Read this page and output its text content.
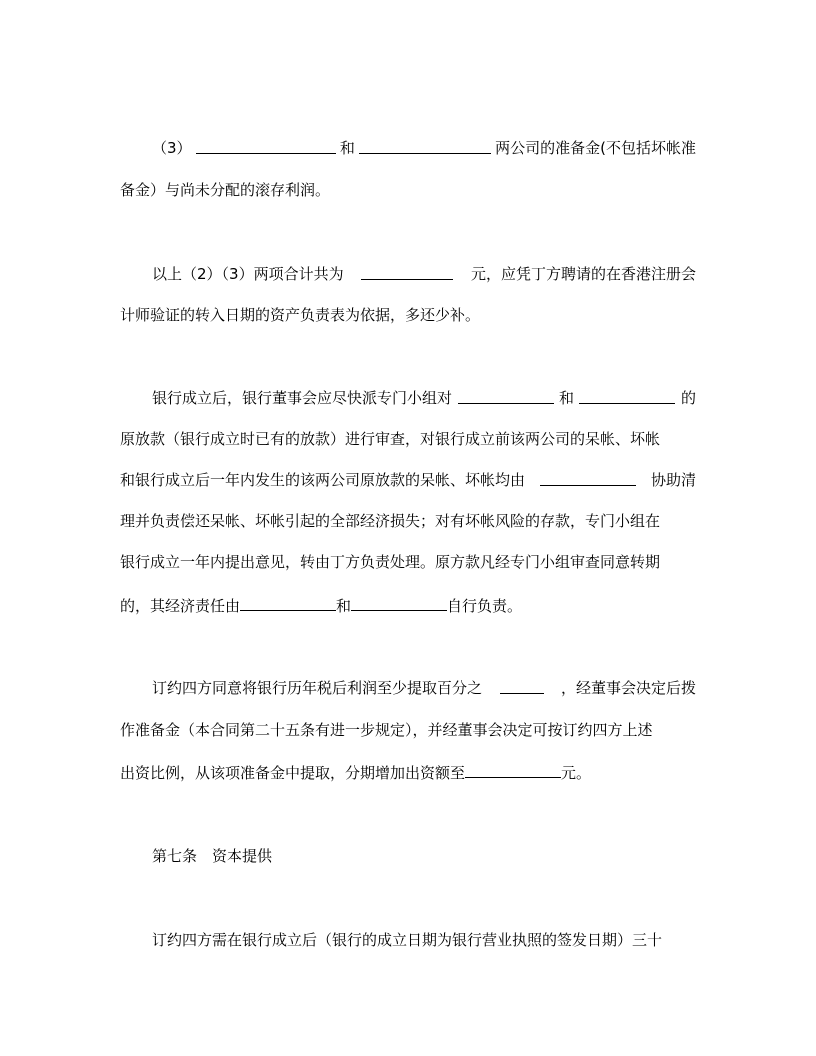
（3）	和	两公司的准备金(不包括坏帐准
备金）与尚未分配的滚存利润。
以上（2）（3）两项合计共为	元，应凭丁方聘请的在香港注册会
计师验证的转入日期的资产负责表为依据，多还少补。
银行成立后，银行董事会应尽快派专门小组对	和	的
原放款（银行成立时已有的放款）进行审查，对银行成立前该两公司的呆帐、坏帐
和银行成立后一年内发生的该两公司原放款的呆帐、坏帐均由	协助清
理并负责偿还呆帐、坏帐引起的全部经济损失；对有坏帐风险的存款，专门小组在
银行成立一年内提出意见，转由丁方负责处理。原方款凡经专门小组审查同意转期
的，其经济责任由	和	自行负责。
订约四方同意将银行历年税后利润至少提取百分之	，经董事会决定后拨
作准备金（本合同第二十五条有进一步规定），并经董事会决定可按订约四方上述
出资比例，从该项准备金中提取，分期增加出资额至	元。
第七条　资本提供
订约四方需在银行成立后（银行的成立日期为银行营业执照的签发日期）三十
